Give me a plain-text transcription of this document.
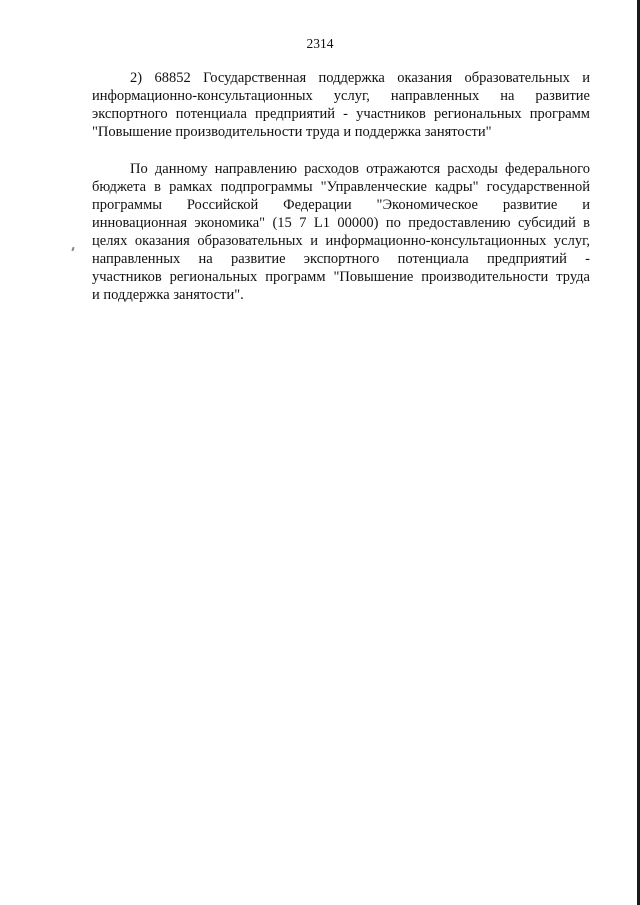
2314
2) 68852 Государственная поддержка оказания образовательных и
информационно-консультационных услуг, направленных на развитие
экспортного потенциала предприятий - участников региональных программ
"Повышение производительности труда и поддержка занятости"
По данному направлению расходов отражаются расходы федерального
бюджета в рамках подпрограммы "Управленческие кадры" государственной
программы Российской Федерации "Экономическое развитие и
инновационная экономика" (15 7 L1 00000) по предоставлению субсидий в
целях оказания образовательных и информационно-консультационных услуг,
направленных на развитие экспортного потенциала предприятий -
участников региональных программ "Повышение производительности труда
и поддержка занятости".
